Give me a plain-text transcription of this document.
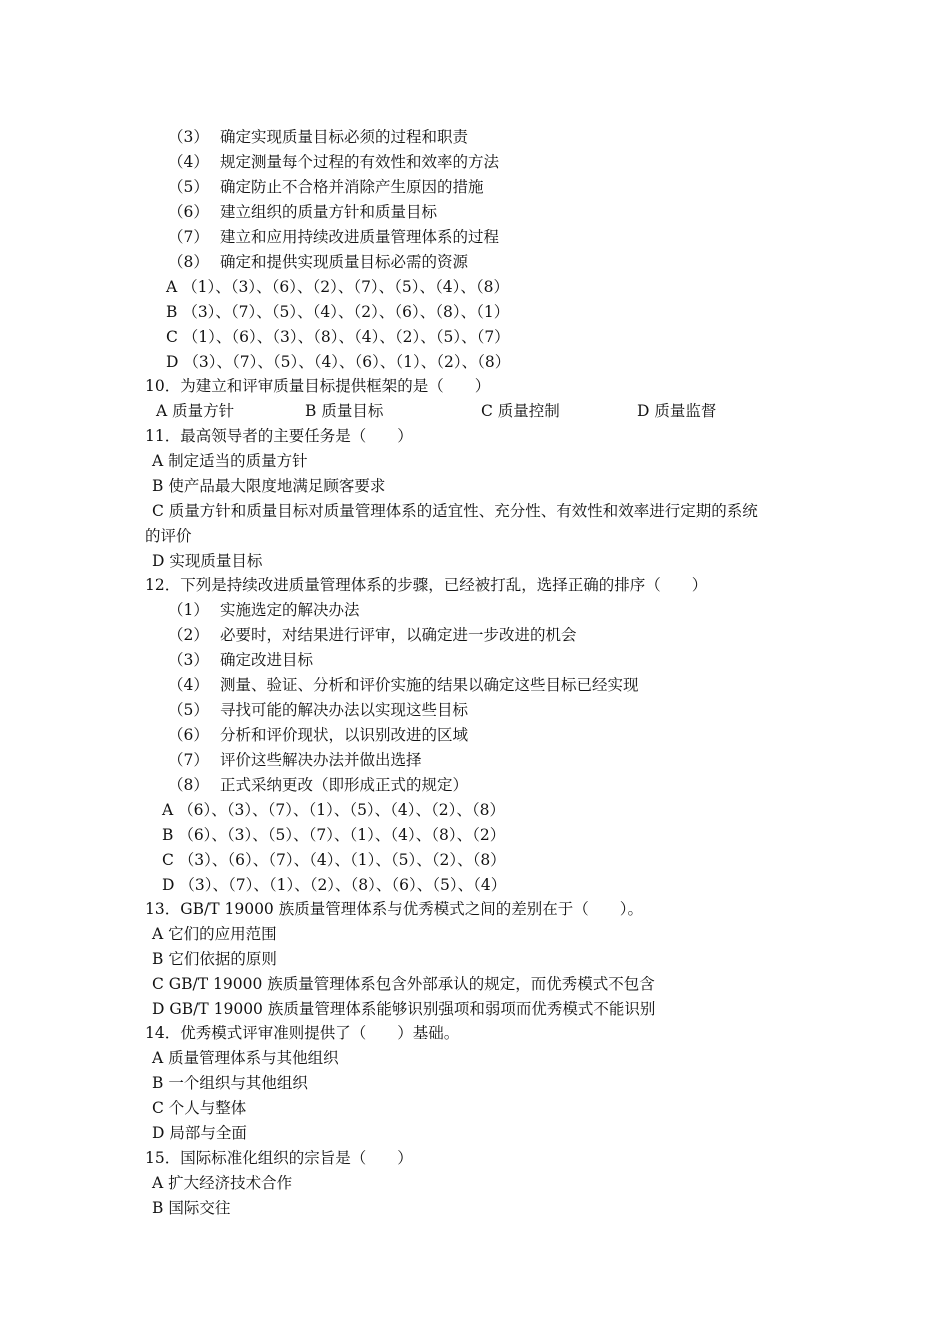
（3） 确定实现质量目标必须的过程和职责
（4） 规定测量每个过程的有效性和效率的方法
（5） 确定防止不合格并消除产生原因的措施
（6） 建立组织的质量方针和质量目标
（7） 建立和应用持续改进质量管理体系的过程
（8） 确定和提供实现质量目标必需的资源
A （1）、（3）、（6）、（2）、（7）、（5）、（4）、（8）
B （3）、（7）、（5）、（4）、（2）、（6）、（8）、（1）
C （1）、（6）、（3）、（8）、（4）、（2）、（5）、（7）
D （3）、（7）、（5）、（4）、（6）、（1）、（2）、（8）
10．为建立和评审质量目标提供框架的是（　　）
A 质量方针	B 质量目标	C 质量控制	D 质量监督
11．最高领导者的主要任务是（　　）
A 制定适当的质量方针
B 使产品最大限度地满足顾客要求
C 质量方针和质量目标对质量管理体系的适宜性、充分性、有效性和效率进行定期的系统
的评价
D 实现质量目标
12．下列是持续改进质量管理体系的步骤，已经被打乱，选择正确的排序（　　）
（1） 实施选定的解决办法
（2） 必要时，对结果进行评审，以确定进一步改进的机会
（3） 确定改进目标
（4） 测量、验证、分析和评价实施的结果以确定这些目标已经实现
（5） 寻找可能的解决办法以实现这些目标
（6） 分析和评价现状，以识别改进的区域
（7） 评价这些解决办法并做出选择
（8） 正式采纳更改（即形成正式的规定）
A （6）、（3）、（7）、（1）、（5）、（4）、（2）、（8）
B （6）、（3）、（5）、（7）、（1）、（4）、（8）、（2）
C （3）、（6）、（7）、（4）、（1）、（5）、（2）、（8）
D （3）、（7）、（1）、（2）、（8）、（6）、（5）、（4）
13．GB/T 19000 族质量管理体系与优秀模式之间的差别在于（　　）。
A 它们的应用范围
B 它们依据的原则
C GB/T 19000 族质量管理体系包含外部承认的规定，而优秀模式不包含
D GB/T 19000 族质量管理体系能够识别强项和弱项而优秀模式不能识别
14．优秀模式评审准则提供了（　　）基础。
A 质量管理体系与其他组织
B 一个组织与其他组织
C 个人与整体
D 局部与全面
15．国际标准化组织的宗旨是（　　）
A 扩大经济技术合作
B 国际交往
